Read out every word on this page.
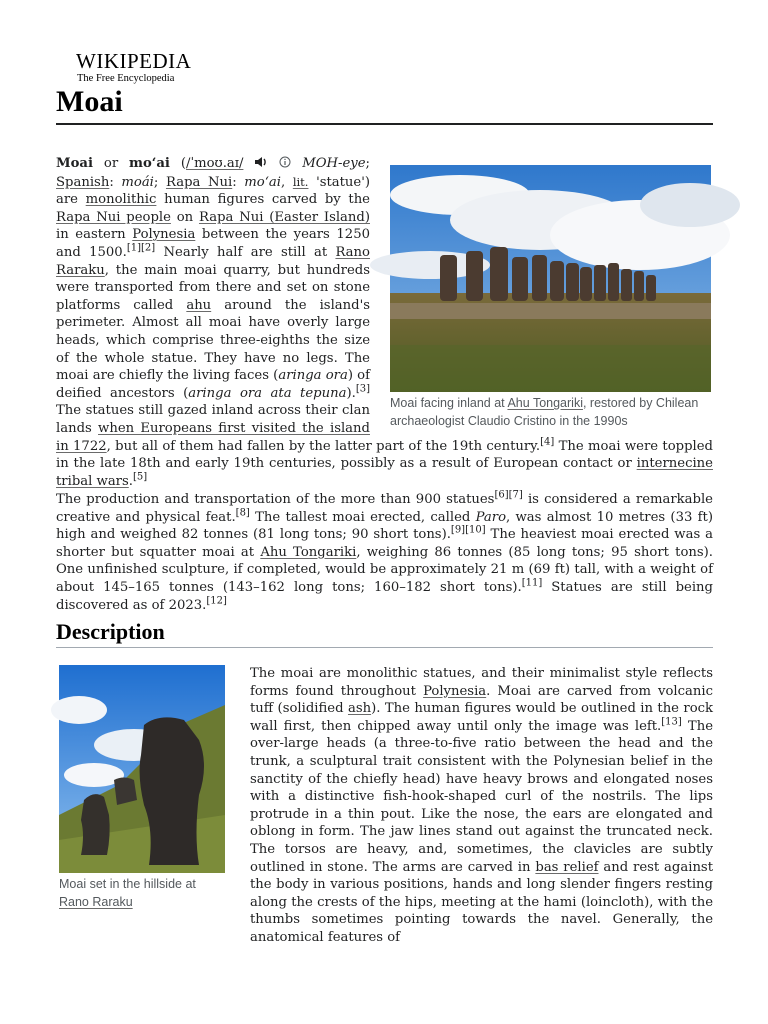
WIKIPEDIA
The Free Encyclopedia
Moai
Moai facing inland at Ahu Tongariki, restored by Chilean archaeologist Claudio Cristino in the 1990s
Moai or moʻai (/ˈmoʊ.aɪ/	MOH-eye; Spanish: moái; Rapa Nui: moʻai, lit. 'statue') are monolithic human figures carved by the Rapa Nui people on Rapa Nui (Easter Island) in eastern Polynesia between the years 1250 and 1500.[1][2] Nearly half are still at Rano Raraku, the main moai quarry, but hundreds were transported from there and set on stone platforms called ahu around the island's perimeter. Almost all moai have overly large heads, which comprise three-eighths the size of the whole statue. They have no legs. The moai are chiefly the living faces (aringa ora) of deified ancestors (aringa ora ata tepuna).[3] The statues still gazed inland across their clan lands when Europeans first visited the island in 1722, but all of them had fallen by the latter part of the 19th century.[4] The moai were toppled in the late 18th and early 19th centuries, possibly as a result of European contact or internecine tribal wars.[5]
The production and transportation of the more than 900 statues[6][7] is considered a remarkable creative and physical feat.[8] The tallest moai erected, called Paro, was almost 10 metres (33 ft) high and weighed 82 tonnes (81 long tons; 90 short tons).[9][10] The heaviest moai erected was a shorter but squatter moai at Ahu Tongariki, weighing 86 tonnes (85 long tons; 95 short tons). One unfinished sculpture, if completed, would be approximately 21 m (69 ft) tall, with a weight of about 145–165 tonnes (143–162 long tons; 160–182 short tons).[11] Statues are still being discovered as of 2023.[12]
Description
Moai set in the hillside at
Rano Raraku
The moai are monolithic statues, and their minimalist style reflects forms found throughout Polynesia. Moai are carved from volcanic tuff (solidified ash). The human figures would be outlined in the rock wall first, then chipped away until only the image was left.[13] The over-large heads (a three-to-five ratio between the head and the trunk, a sculptural trait consistent with the Polynesian belief in the sanctity of the chiefly head) have heavy brows and elongated noses with a distinctive fish-hook-shaped curl of the nostrils. The lips protrude in a thin pout. Like the nose, the ears are elongated and oblong in form. The jaw lines stand out against the truncated neck. The torsos are heavy, and, sometimes, the clavicles are subtly outlined in stone. The arms are carved in bas relief and rest against the body in various positions, hands and long slender fingers resting along the crests of the hips, meeting at the hami (loincloth), with the thumbs sometimes pointing towards the navel. Generally, the anatomical features of
